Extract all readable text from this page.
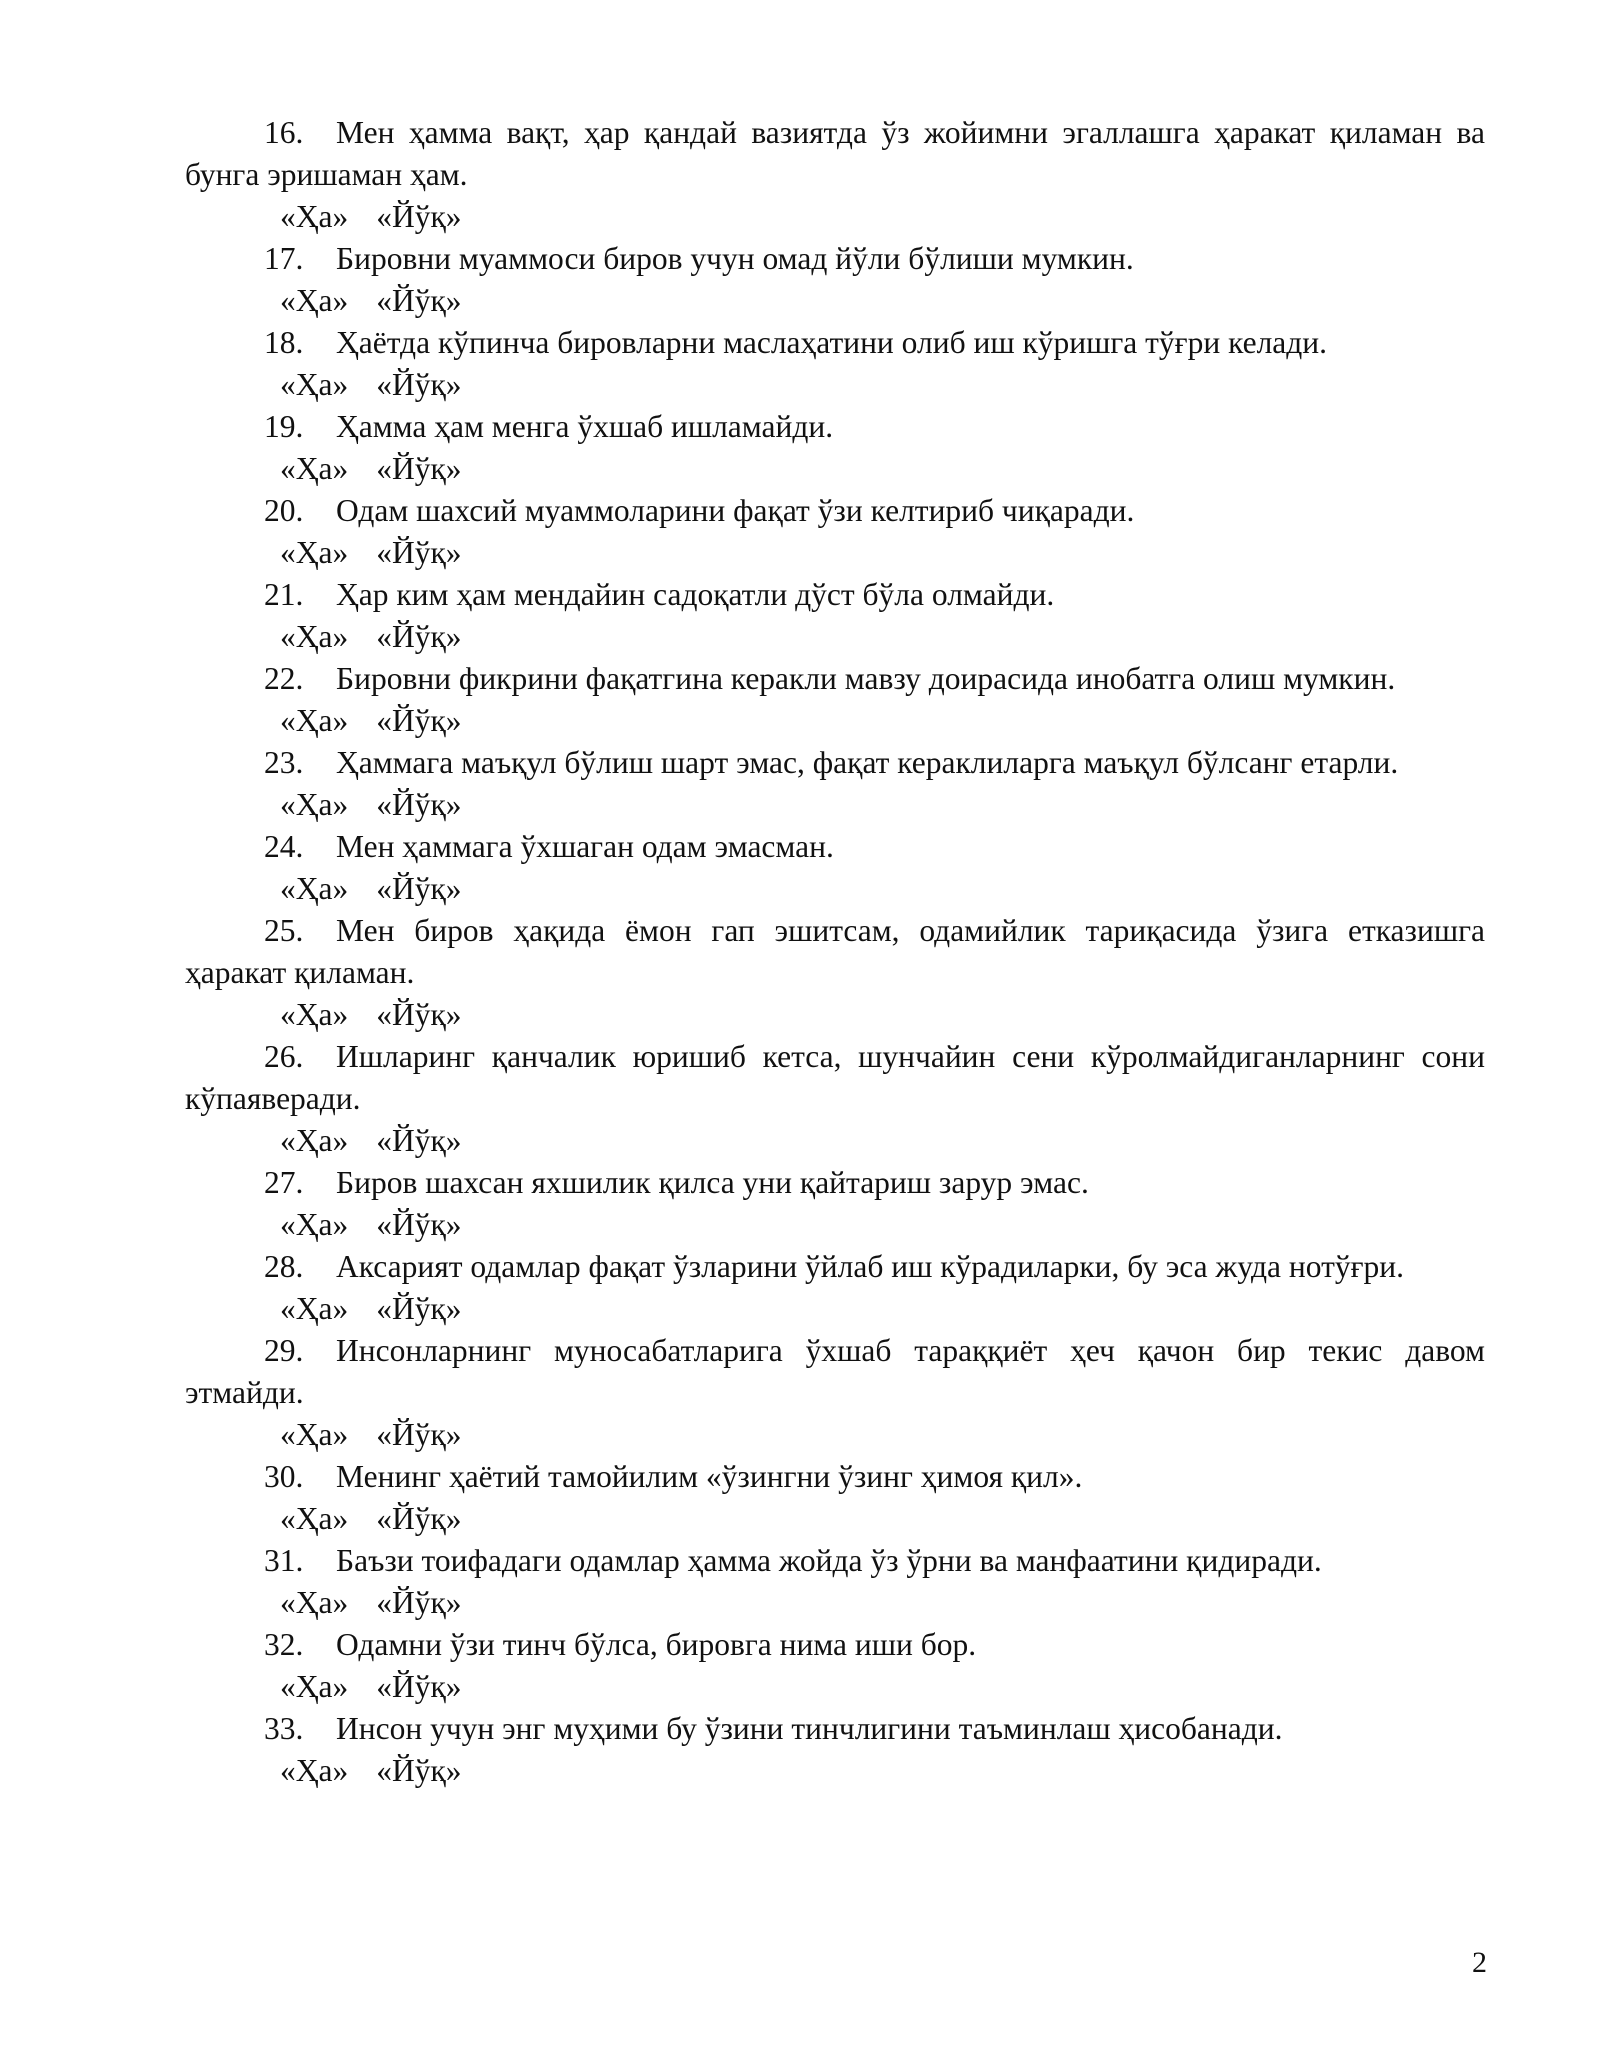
16. Мен ҳамма вақт, ҳар қандай вазиятда ўз жойимни эгаллашга ҳаракат қиламан ва бунга эришаман ҳам.

«Ҳа» «Йўқ»

17. Бировни муаммоси биров учун омад йўли бўлиши мумкин.

«Ҳа» «Йўқ»

18. Ҳаётда кўпинча бировларни маслаҳатини олиб иш кўришга тўғри келади.

«Ҳа» «Йўқ»

19. Ҳамма ҳам менга ўхшаб ишламайди.

«Ҳа» «Йўқ»

20. Одам шахсий муаммоларини фақат ўзи келтириб чиқаради.

«Ҳа» «Йўқ»

21. Ҳар ким ҳам мендайин садоқатли дўст бўла олмайди.

«Ҳа» «Йўқ»

22. Бировни фикрини фақатгина керакли мавзу доирасида инобатга олиш мумкин.

«Ҳа» «Йўқ»

23. Ҳаммага маъқул бўлиш шарт эмас, фақат кераклиларга маъқул бўлсанг етарли.

«Ҳа» «Йўқ»

24. Мен ҳаммага ўхшаган одам эмасман.

«Ҳа» «Йўқ»

25. Мен биров ҳақида ёмон гап эшитсам, одамийлик тариқасида ўзига етказишга ҳаракат қиламан.

«Ҳа» «Йўқ»

26. Ишларинг қанчалик юришиб кетса, шунчайин сени кўролмайдиганларнинг сони кўпаяверади.

«Ҳа» «Йўқ»

27. Биров шахсан яхшилик қилса уни қайтариш зарур эмас.

«Ҳа» «Йўқ»

28. Аксарият одамлар фақат ўзларини ўйлаб иш кўрадиларки, бу эса жуда нотўғри.

«Ҳа» «Йўқ»

29. Инсонларнинг муносабатларига ўхшаб тараққиёт ҳеч қачон бир текис давом этмайди.

«Ҳа» «Йўқ»

30. Менинг ҳаётий тамойилим «ўзингни ўзинг ҳимоя қил».

«Ҳа» «Йўқ»

31. Баъзи тоифадаги одамлар ҳамма жойда ўз ўрни ва манфаатини қидиради.

«Ҳа» «Йўқ»

32. Одамни ўзи тинч бўлса, бировга нима иши бор.

«Ҳа» «Йўқ»

33. Инсон учун энг муҳими бу ўзини тинчлигини таъминлаш ҳисобанади.

«Ҳа» «Йўқ»
2
